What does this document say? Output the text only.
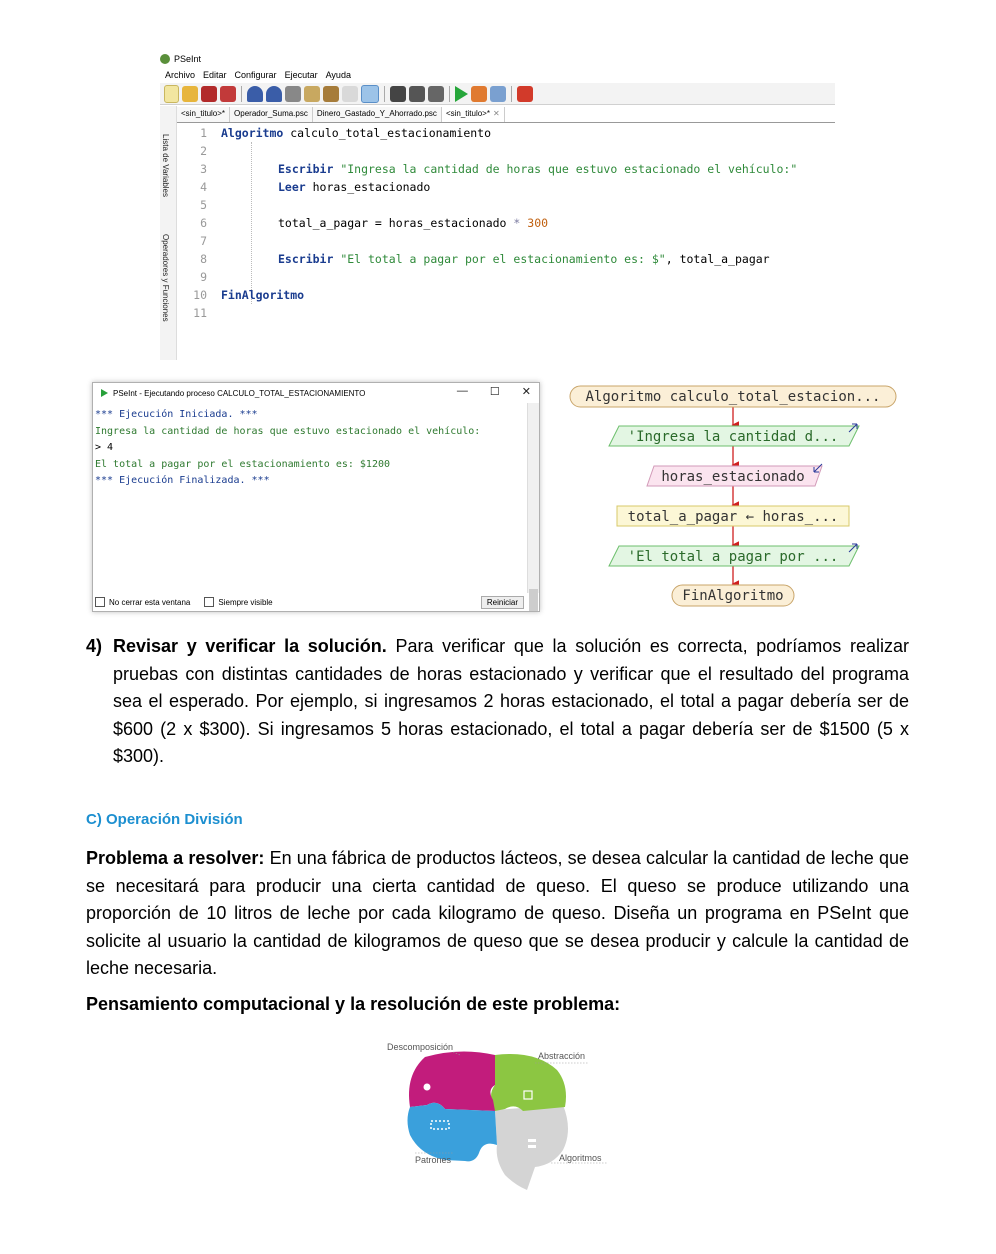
PSeInt
Archivo Editar Configurar Ejecutar Ayuda
Lista de Variables
Operadores y Funciones
<sin_titulo>*	Operador_Suma.psc	Dinero_Gastado_Y_Ahorrado.psc	<sin_titulo>* ✕
1 Algoritmo calculo_total_estacionamiento
2
3	Escribir "Ingresa la cantidad de horas que estuvo estacionado el vehículo:"
4	Leer horas_estacionado
5
6	total_a_pagar = horas_estacionado * 300
7
8	Escribir "El total a pagar por el estacionamiento es: $", total_a_pagar
9
10 FinAlgoritmo
11
PSeInt - Ejecutando proceso CALCULO_TOTAL_ESTACIONAMIENTO	— ☐ ✕
*** Ejecución Iniciada. ***
Ingresa la cantidad de horas que estuvo estacionado el vehículo:
> 4
El total a pagar por el estacionamiento es: $1200
*** Ejecución Finalizada. ***
No cerrar esta ventana	Siempre visible	Reiniciar
Algoritmo calculo_total_estacion...
'Ingresa la cantidad d...
horas_estacionado
total_a_pagar ← horas_...
'El total a pagar por ...
FinAlgoritmo
4) Revisar y verificar la solución. Para verificar que la solución es correcta, podríamos realizar pruebas con distintas cantidades de horas estacionado y verificar que el resultado del programa sea el esperado. Por ejemplo, si ingresamos 2 horas estacionado, el total a pagar debería ser de $600 (2 x $300). Si ingresamos 5 horas estacionado, el total a pagar debería ser de $1500 (5 x $300).
C) Operación División
Problema a resolver: En una fábrica de productos lácteos, se desea calcular la cantidad de leche que se necesitará para producir una cierta cantidad de queso. El queso se produce utilizando una proporción de 10 litros de leche por cada kilogramo de queso. Diseña un programa en PSeInt que solicite al usuario la cantidad de kilogramos de queso que se desea producir y calcule la cantidad de leche necesaria.
Pensamiento computacional y la resolución de este problema:
Descomposición
Abstracción
Patrones	Algoritmos
